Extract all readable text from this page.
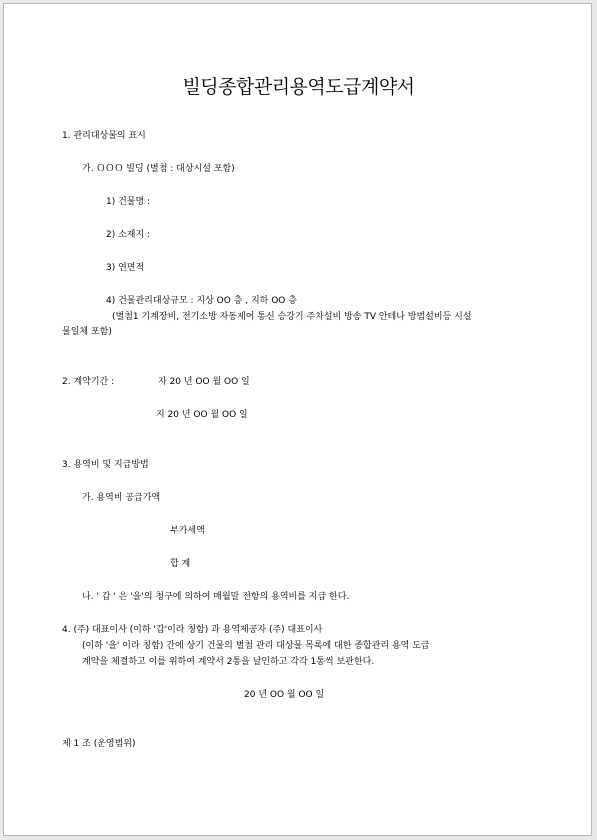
빌딩종합관리용역도급계약서
1. 관리대상물의 표시
가. ＯＯＯ 빌딩 (별첨 : 대상시설 포함)
1) 건물명 :
2) 소재지 :
3) 연면적
4) 건물관리대상규모 : 지상 OO 층 , 지하 OO 층
(별첨1 기계장비, 전기소방 자동제어 통신 승강기 주차설비 방송 TV 안테나 방범설비등 시설
물일체 포함)
2. 계약기간 :	자 20 년 OO 월 OO 일
지 20 년 OO 월 OO 일
3. 용역비 및 지급방법
가. 용역비 공급가액
부가세액
합 계
나. ' 갑 ' 은 '을'의 청구에 의하여 매월말 전항의 용역비를 지급 한다.
4. (주) 대표이사 (이하 '갑'이라 칭함) 과 용역제공자 (주) 대표이사
(이하 '을' 이라 칭함) 간에 상기 건물의 별첨 관리 대상물 목록에 대한 종합관리 용역 도급
계약을 체결하고 이를 위하여 계약서 2통을 날인하고 각각 1통씩 보관한다.
20 년 OO 월 OO 일
제 1 조 (운영범위)
